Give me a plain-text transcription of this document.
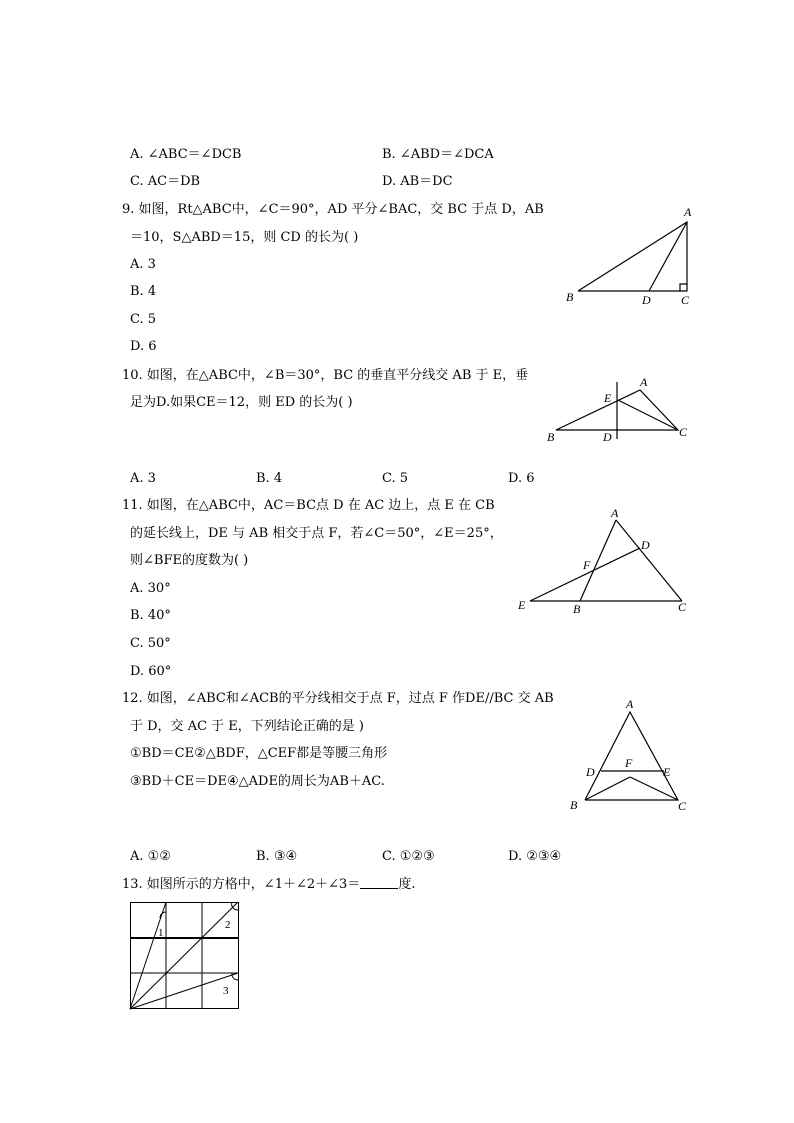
A. ∠ABC＝∠DCB	B. ∠ABD＝∠DCA
C. AC＝DB	D. AB＝DC
9. 如图，Rt△ABC中，∠C＝90°，AD 平分∠BAC，交 BC 于点 D，AB
＝10，S△ABD＝15，则 CD 的长为( )
A. 3
B. 4
C. 5
D. 6
A
B	D	C
10. 如图，在△ABC中，∠B＝30°，BC 的垂直平分线交 AB 于 E，垂
足为D.如果CE＝12，则 ED 的长为( )
A. 3	B. 4	C. 5	D. 6
A
E
B	D	C
11. 如图，在△ABC中，AC＝BC点 D 在 AC 边上，点 E 在 CB
的延长线上，DE 与 AB 相交于点 F，若∠C＝50°，∠E＝25°，
则∠BFE的度数为( )
A. 30°
B. 40°
C. 50°
D. 60°
A
D
F
E	B	C
12. 如图，∠ABC和∠ACB的平分线相交于点 F，过点 F 作DE//BC 交 AB
于 D，交 AC 于 E，下列结论正确的是 )
①BD＝CE②△BDF，△CEF都是等腰三角形
③BD＋CE＝DE④△ADE的周长为AB＋AC.
A. ①②	B. ③④	C. ①②③	D. ②③④
A
D
F
E
B	C
13. 如图所示的方格中，∠1＋∠2＋∠3＝	度.
1
2
3
